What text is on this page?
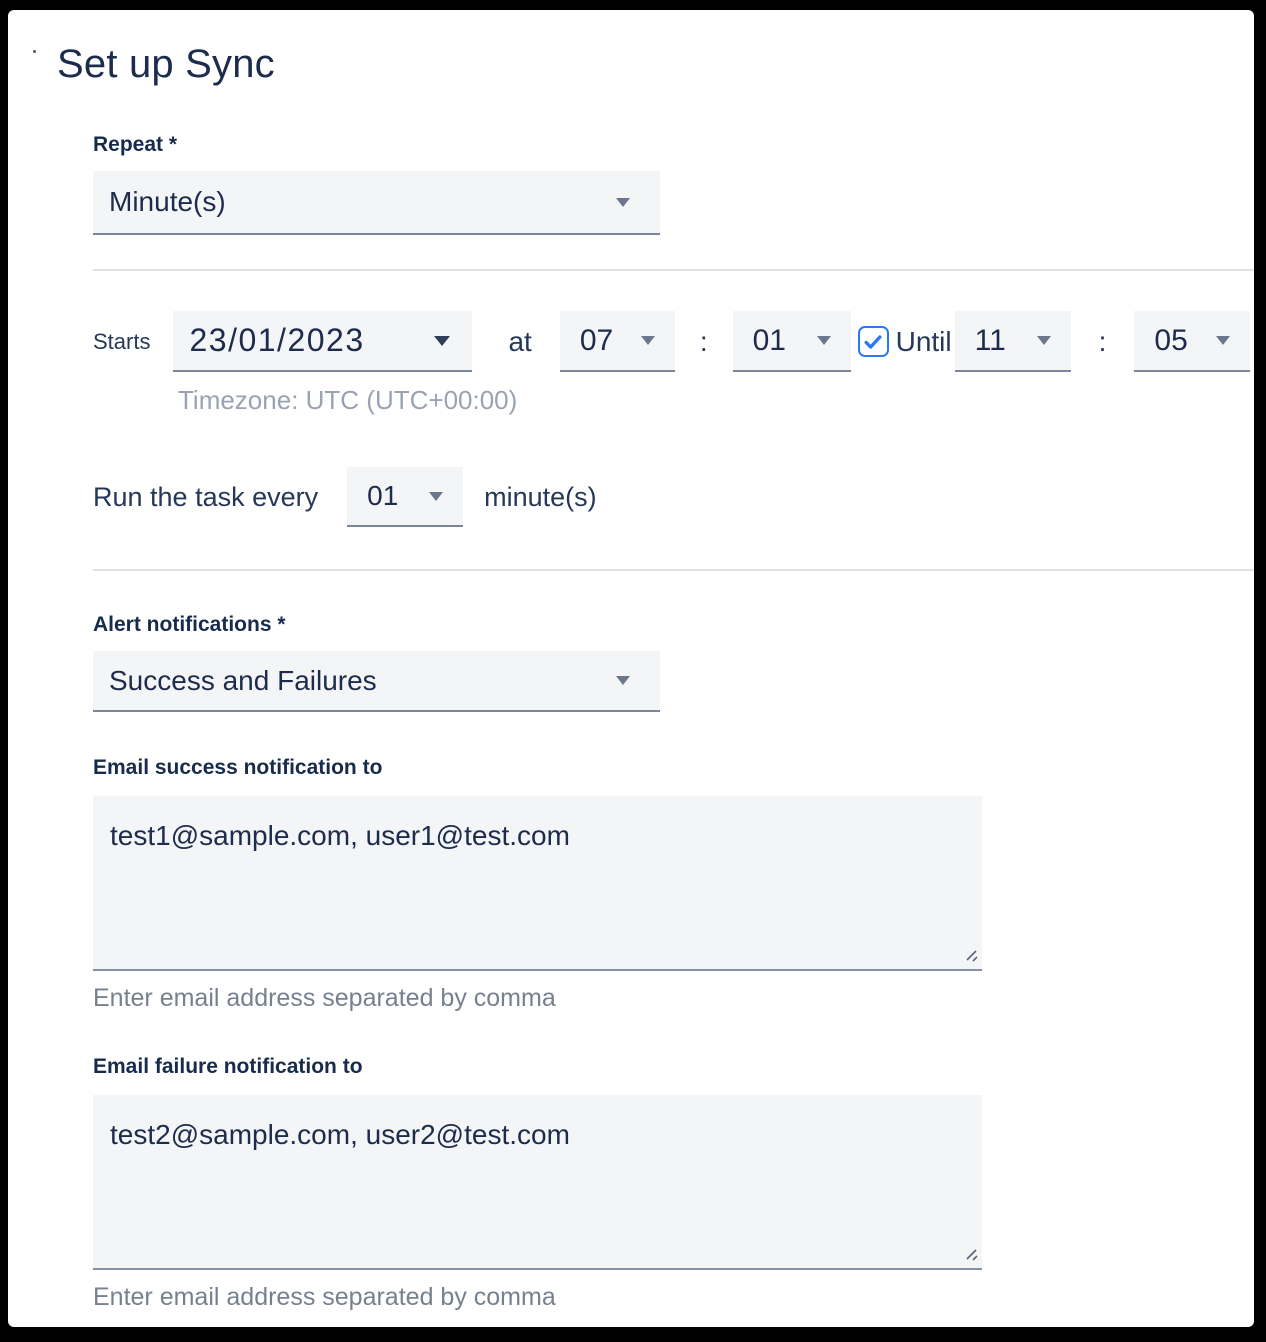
Set up Sync
Repeat *
Minute(s)
Starts 23/01/2023	at 07	: 01	Until 11	: 05
Timezone: UTC (UTC+00:00)
Run the task every 01	minute(s)
Alert notifications *
Success and Failures
Email success notification to
test1@sample.com, user1@test.com
Enter email address separated by comma
Email failure notification to
test2@sample.com, user2@test.com
Enter email address separated by comma
